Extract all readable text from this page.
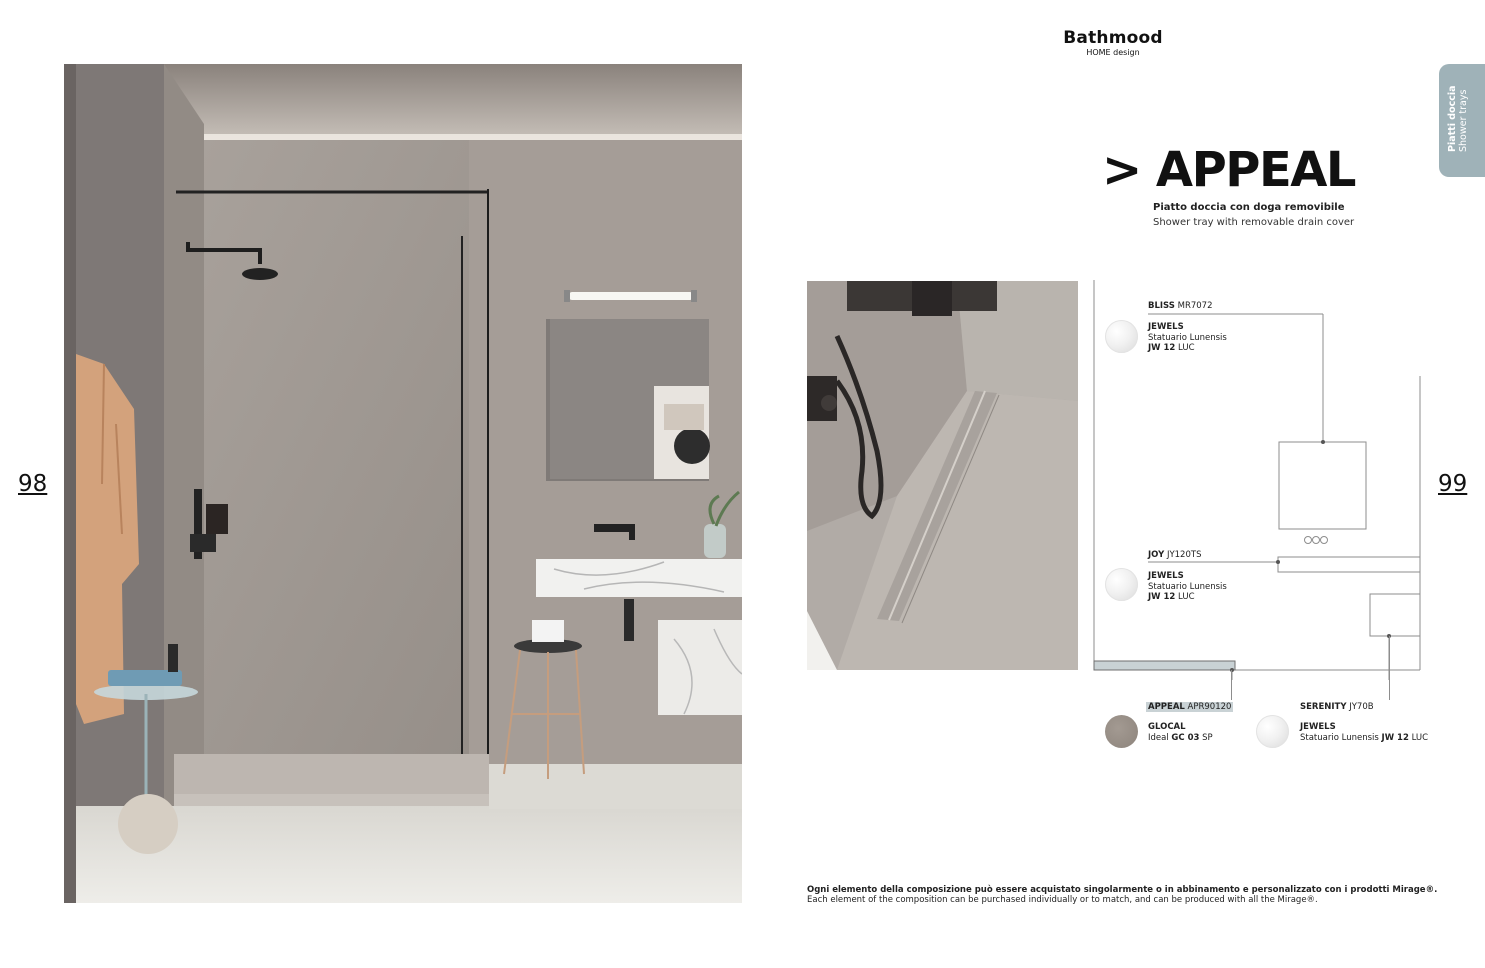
Bathmood
HOME design
Piatti doccia Shower trays
98	99
> APPEAL
Piatto doccia con doga removibile
Shower tray with removable drain cover
BLISS MR7072
JEWELS
Statuario Lunensis
JW 12 LUC
JOY JY120TS
JEWELS
Statuario Lunensis
JW 12 LUC
APPEAL APR90120
GLOCAL
Ideal GC 03 SP
SERENITY JY70B
JEWELS
Statuario Lunensis JW 12 LUC
Ogni elemento della composizione può essere acquistato singolarmente o in abbinamento e personalizzato con i prodotti Mirage®.
Each element of the composition can be purchased individually or to match, and can be produced with all the Mirage®.
